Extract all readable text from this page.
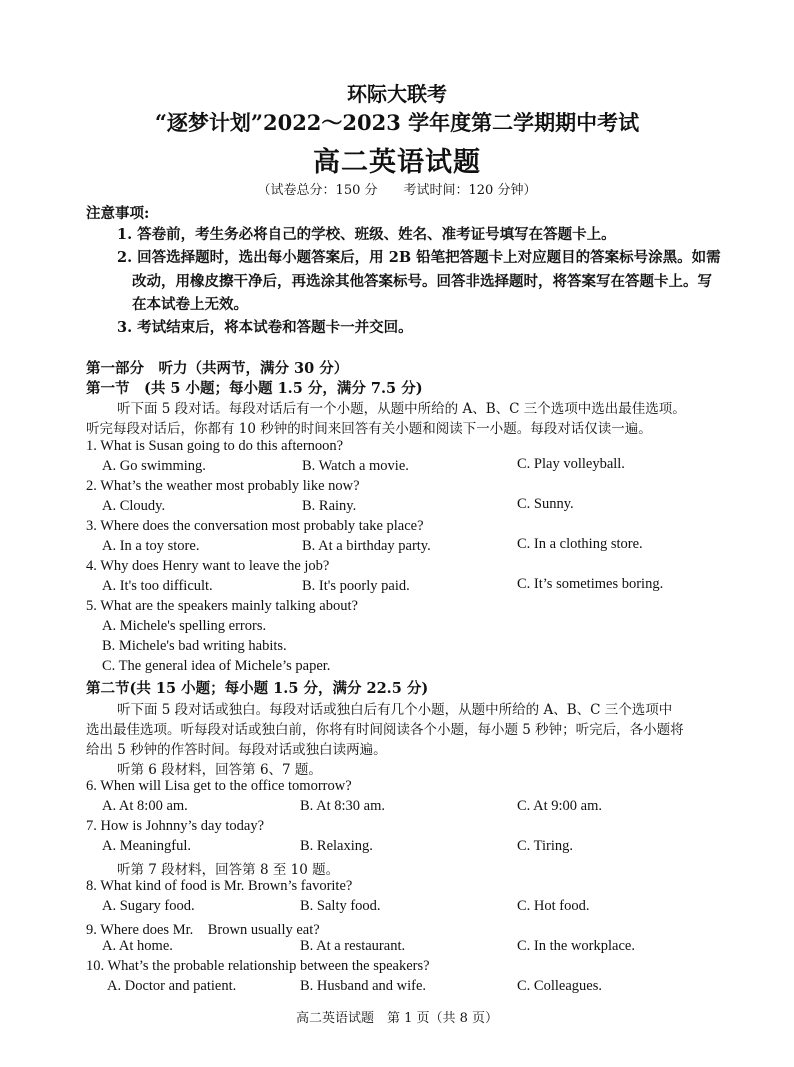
环际大联考
“逐梦计划”2022～2023 学年度第二学期期中考试
高二英语试题
（试卷总分：150 分　　考试时间：120 分钟）
注意事项:
1. 答卷前，考生务必将自己的学校、班级、姓名、准考证号填写在答题卡上。
2. 回答选择题时，选出每小题答案后，用 2B 铅笔把答题卡上对应题目的答案标号涂黑。如需
改动，用橡皮擦干净后，再选涂其他答案标号。回答非选择题时，将答案写在答题卡上。写
在本试卷上无效。
3. 考试结束后，将本试卷和答题卡一并交回。
第一部分　听力（共两节，满分 30 分）
第一节　(共 5 小题；每小题 1.5 分，满分 7.5 分)
听下面 5 段对话。每段对话后有一个小题，从题中所给的 A、B、C 三个选项中选出最佳选项。
听完每段对话后，你都有 10 秒钟的时间来回答有关小题和阅读下一小题。每段对话仅读一遍。
1. What is Susan going to do this afternoon?
A. Go swimming.	B. Watch a movie.	C. Play volleyball.
2. What’s the weather most probably like now?
A. Cloudy.	B. Rainy.	C. Sunny.
3. Where does the conversation most probably take place?
A. In a toy store.	B. At a birthday party.	C. In a clothing store.
4. Why does Henry want to leave the job?
A. It's too difficult.	B. It's poorly paid.	C. It’s sometimes boring.
5. What are the speakers mainly talking about?
A. Michele's spelling errors.
B. Michele's bad writing habits.
C. The general idea of Michele’s paper.
第二节(共 15 小题；每小题 1.5 分，满分 22.5 分)
听下面 5 段对话或独白。每段对话或独白后有几个小题，从题中所给的 A、B、C 三个选项中
选出最佳选项。听每段对话或独白前，你将有时间阅读各个小题，每小题 5 秒钟；听完后，各小题将
给出 5 秒钟的作答时间。每段对话或独白读两遍。
听第 6 段材料，回答第 6、7 题。
6. When will Lisa get to the office tomorrow?
A. At 8:00 am.	B. At 8:30 am.	C. At 9:00 am.
7. How is Johnny’s day today?
A. Meaningful.	B. Relaxing.	C. Tiring.
听第 7 段材料，回答第 8 至 10 题。
8. What kind of food is Mr. Brown’s favorite?
A. Sugary food.	B. Salty food.	C. Hot food.
9. Where does Mr.　Brown usually eat?
A. At home.	B. At a restaurant.	C. In the workplace.
10. What’s the probable relationship between the speakers?
A. Doctor and patient.	B. Husband and wife.	C. Colleagues.
高二英语试题　第 1 页（共 8 页）
